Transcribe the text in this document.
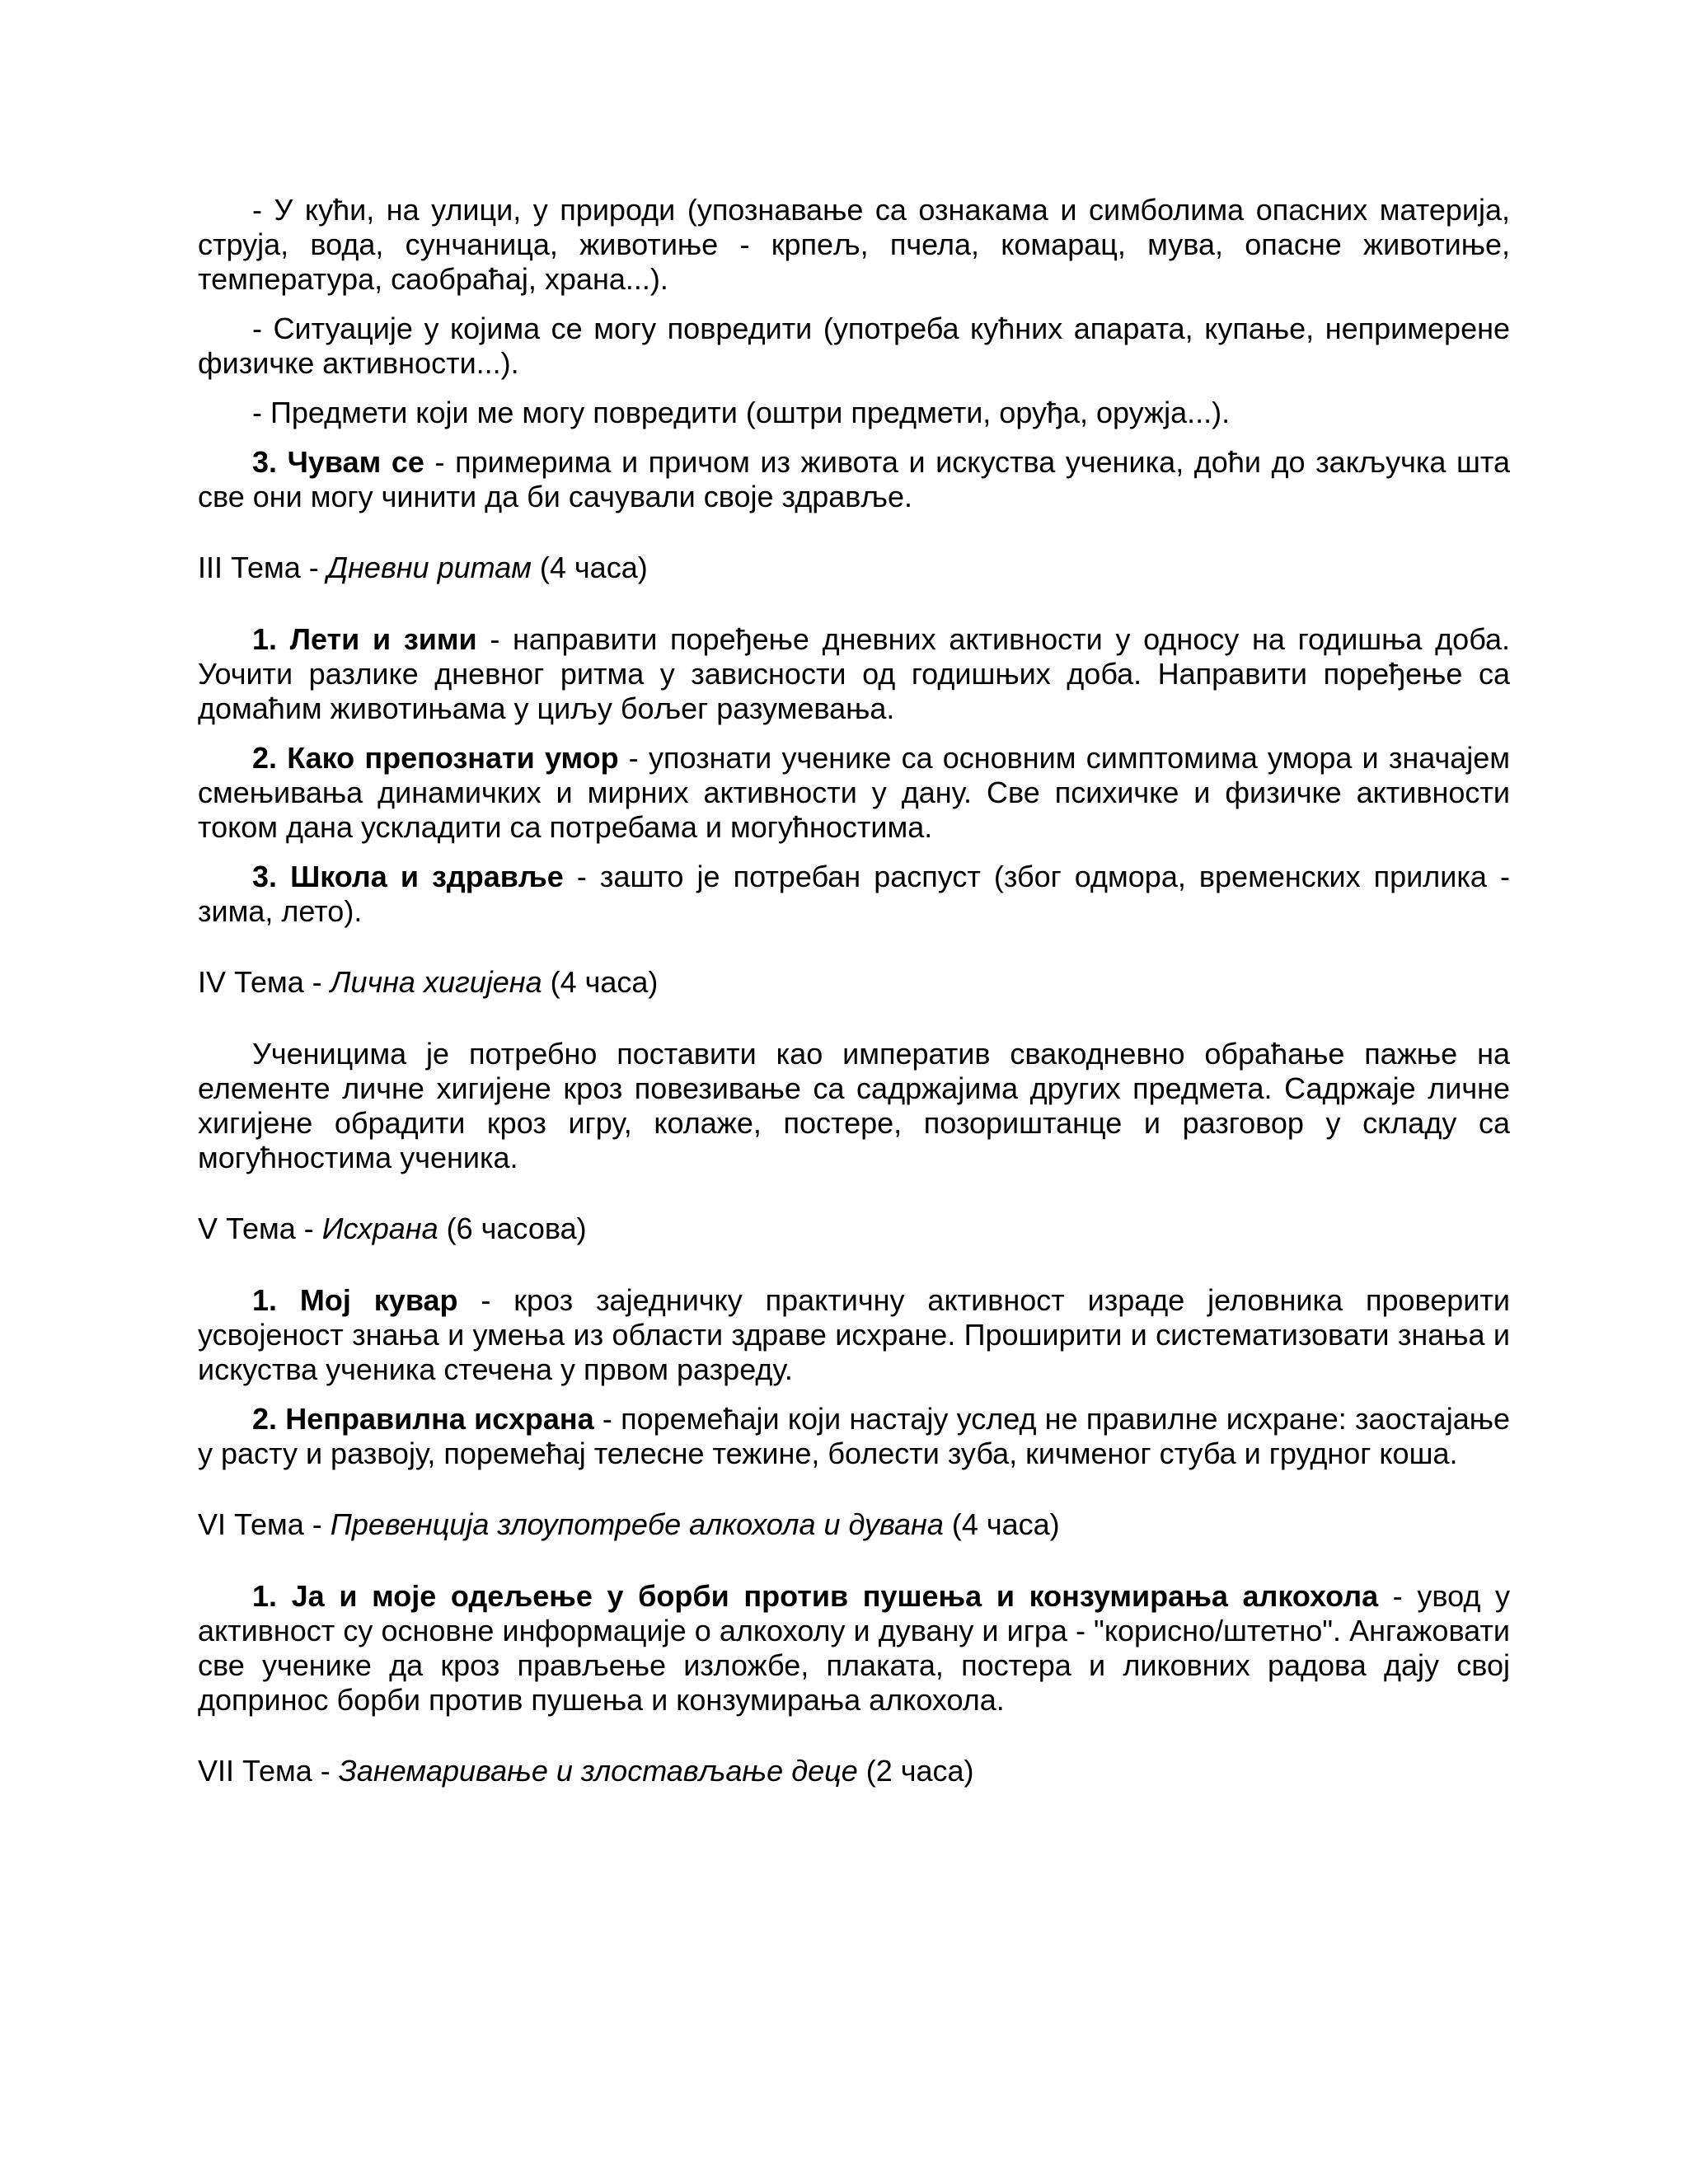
- У кући, на улици, у природи (упознавање са ознакама и симболима опасних материја, струја, вода, сунчаница, животиње - крпељ, пчела, комарац, мува, опасне животиње, температура, саобраћај, храна...).

- Ситуације у којима се могу повредити (употреба кућних апарата, купање, непримерене физичке активности...).

- Предмети који ме могу повредити (оштри предмети, оруђа, оружја...).

3. Чувам се - примерима и причом из живота и искуства ученика, доћи до закључка шта све они могу чинити да би сачували своје здравље.

III Тема - Дневни ритам (4 часа)

1. Лети и зими - направити поређење дневних активности у односу на годишња доба. Уочити разлике дневног ритма у зависности од годишњих доба. Направити поређење са домаћим животињама у циљу бољег разумевања.

2. Како препознати умор - упознати ученике са основним симптомима умора и значајем смењивања динамичких и мирних активности у дану. Све психичке и физичке активности током дана ускладити са потребама и могућностима.

3. Школа и здравље - зашто је потребан распуст (због одмора, временских прилика - зима, лето).

IV Тема - Лична хигијена (4 часа)

Ученицима је потребно поставити као императив свакодневно обраћање пажње на елементе личне хигијене кроз повезивање са садржајима других предмета. Садржаје личне хигијене обрадити кроз игру, колаже, постере, позориштанце и разговор у складу са могућностима ученика.

V Тема - Исхрана (6 часова)

1. Мој кувар - кроз заједничку практичну активност израде јеловника проверити усвојеност знања и умења из области здраве исхране. Проширити и систематизовати знања и искуства ученика стечена у првом разреду.

2. Неправилна исхрана - поремећаји који настају услед не правилне исхране: заостајање у расту и развоју, поремећај телесне тежине, болести зуба, кичменог стуба и грудног коша.

VI Тема - Превенција злоупотребе алкохола и дувана (4 часа)

1. Ја и моје одељење у борби против пушења и конзумирања алкохола - увод у активност су основне информације о алкохолу и дувану и игра - "корисно/штетно". Ангажовати све ученике да кроз прављење изложбе, плаката, постера и ликовних радова дају свој допринос борби против пушења и конзумирања алкохола.

VII Тема - Занемаривање и злостављање деце (2 часа)
